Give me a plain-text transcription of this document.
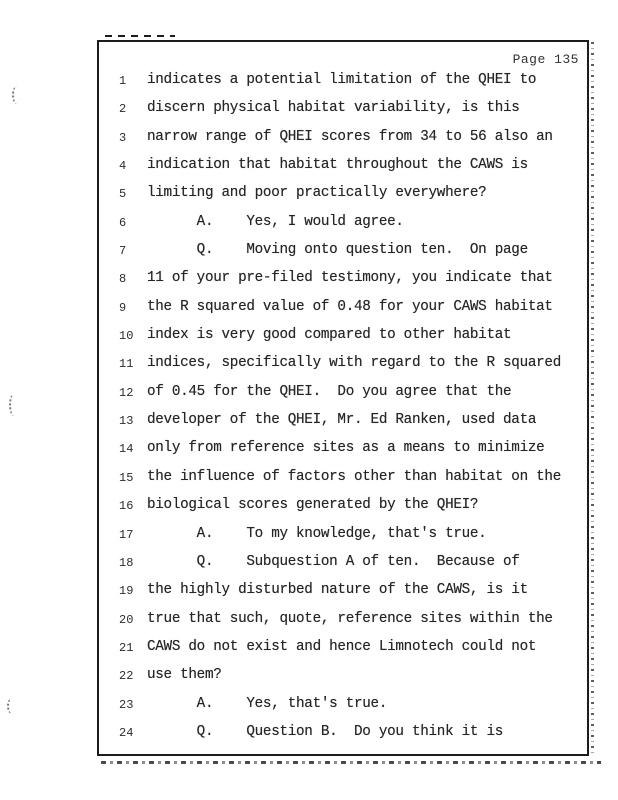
Page 135
1	indicates a potential limitation of the QHEI to
2	discern physical habitat variability, is this
3	narrow range of QHEI scores from 34 to 56 also an
4	indication that habitat throughout the CAWS is
5	limiting and poor practically everywhere?
6	A.    Yes, I would agree.
7	Q.    Moving onto question ten.  On page
8	11 of your pre-filed testimony, you indicate that
9	the R squared value of 0.48 for your CAWS habitat
10 index is very good compared to other habitat
11 indices, specifically with regard to the R squared
12 of 0.45 for the QHEI.  Do you agree that the
13 developer of the QHEI, Mr. Ed Ranken, used data
14 only from reference sites as a means to minimize
15 the influence of factors other than habitat on the
16 biological scores generated by the QHEI?
17 A.    To my knowledge, that's true.
18 Q.    Subquestion A of ten.  Because of
19 the highly disturbed nature of the CAWS, is it
20 true that such, quote, reference sites within the
21 CAWS do not exist and hence Limnotech could not
22 use them?
23 A.    Yes, that's true.
24 Q.    Question B.  Do you think it is
